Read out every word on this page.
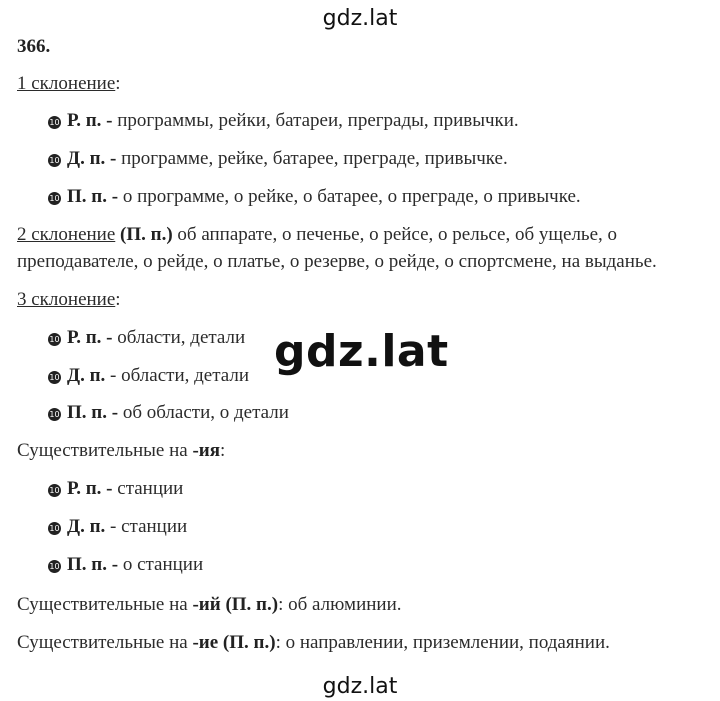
gdz.lat
366.
1 склонение:
10 Р. п. - программы, рейки, батареи, преграды, привычки.
10 Д. п. - программе, рейке, батарее, преграде, привычке.
10 П. п. - о программе, о рейке, о батарее, о преграде, о привычке.
2 склонение (П. п.) об аппарате, о печенье, о рейсе, о рельсе, об ущелье, о
преподавателе, о рейде, о платье, о резерве, о рейде, о спортсмене, на выданье.
3 склонение:
10 Р. п. - области, детали
10 Д. п. - области, детали
10 П. п. - об области, о детали
Существительные на -ия:
10 Р. п. - станции
10 Д. п. - станции
10 П. п. - о станции
Существительные на -ий (П. п.): об алюминии.
Существительные на -ие (П. п.): о направлении, приземлении, подаянии.
gdz.lat
gdz.lat
